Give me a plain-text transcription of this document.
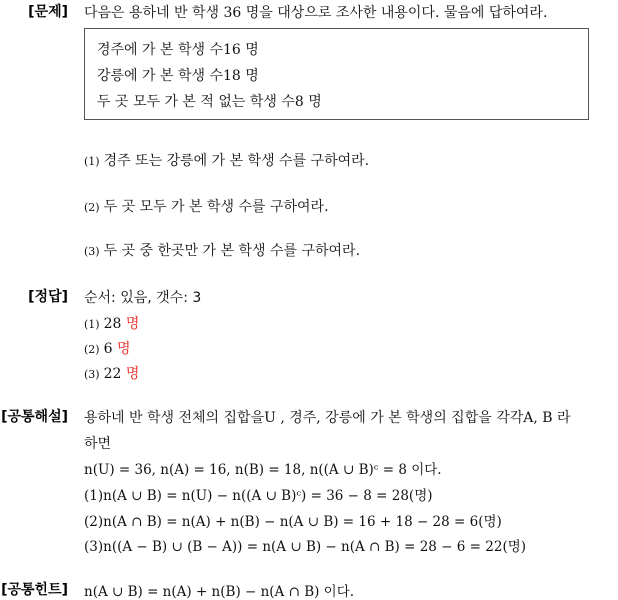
[문제] 다음은 용하네 반 학생 36 명을 대상으로 조사한 내용이다. 물음에 답하여라.
경주에 가 본 학생 수16 명
강릉에 가 본 학생 수18 명
두 곳 모두 가 본 적 없는 학생 수8 명
(1) 경주 또는 강릉에 가 본 학생 수를 구하여라.
(2) 두 곳 모두 가 본 학생 수를 구하여라.
(3) 두 곳 중 한곳만 가 본 학생 수를 구하여라.
[정답] 순서: 있음, 갯수: 3
(1) 28 명
(2) 6 명
(3) 22 명
[공통해설] 용하네 반 학생 전체의 집합을U , 경주, 강릉에 가 본 학생의 집합을 각각A, B 라
하면
n(U) = 36, n(A) = 16, n(B) = 18, n((A ∪ B)ᶜ = 8 이다.
(1)n(A ∪ B) = n(U) − n((A ∪ B)ᶜ) = 36 − 8 = 28(명)
(2)n(A ∩ B) = n(A) + n(B) − n(A ∪ B) = 16 + 18 − 28 = 6(명)
(3)n((A − B) ∪ (B − A)) = n(A ∪ B) − n(A ∩ B) = 28 − 6 = 22(명)
[공통힌트] n(A ∪ B) = n(A) + n(B) − n(A ∩ B) 이다.
